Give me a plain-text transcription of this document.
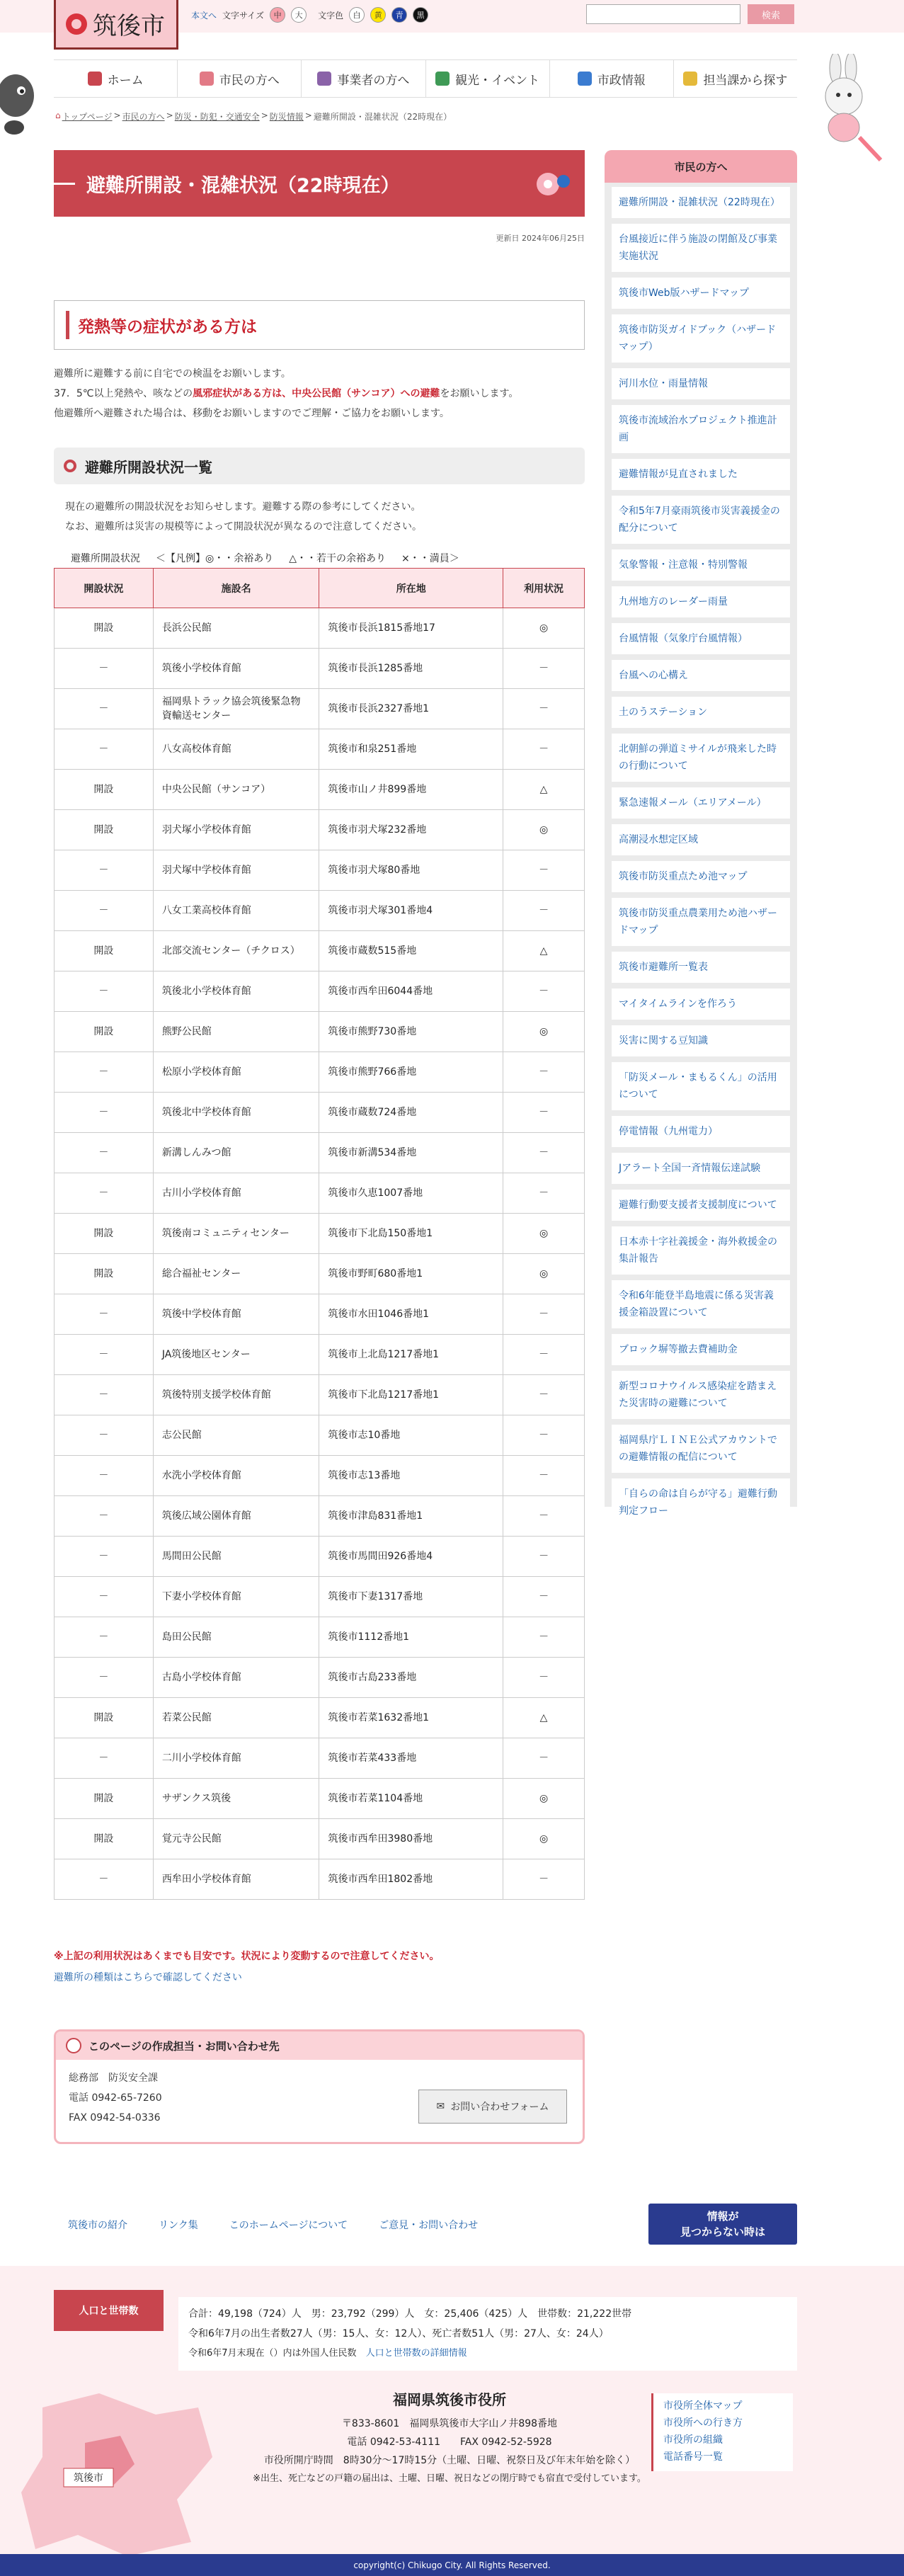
筑後市	本文へ 文字サイズ	中	大	文字色	白	黄	青	黒	検索
ホーム	市民の方へ	事業者の方へ	観光・イベント	市政情報	担当課から探す
⌂ トップページ > 市民の方へ > 防災・防犯・交通安全 > 防災情報 > 避難所開設・混雑状況（22時現在）
避難所開設・混雑状況（22時現在）
更新日 2024年06月25日
発熱等の症状がある方は
避難所に避難する前に自宅での検温をお願いします。
37．5℃以上発熱や、咳などの風邪症状がある方は、中央公民館（サンコア）への避難をお願いします。
他避難所へ避難された場合は、移動をお願いしますのでご理解・ご協力をお願いします。
避難所開設状況一覧
現在の避難所の開設状況をお知らせします。避難する際の参考にしてください。
なお、避難所は災害の規模等によって開設状況が異なるので注意してください。
避難所開設状況 ＜【凡例】◎・・余裕あり △・・若干の余裕あり ×・・満員＞
開設状況	施設名	所在地	利用状況
開設	長浜公民館	筑後市長浜1815番地17	◎
－	筑後小学校体育館	筑後市長浜1285番地	－
－	福岡県トラック協会筑後緊急物資輸送センター	筑後市長浜2327番地1	－
－	八女高校体育館	筑後市和泉251番地	－
開設	中央公民館（サンコア）	筑後市山ノ井899番地	△
開設	羽犬塚小学校体育館	筑後市羽犬塚232番地	◎
－	羽犬塚中学校体育館	筑後市羽犬塚80番地	－
－	八女工業高校体育館	筑後市羽犬塚301番地4	－
開設	北部交流センター（チクロス）	筑後市蔵数515番地	△
－	筑後北小学校体育館	筑後市西牟田6044番地	－
開設	熊野公民館	筑後市熊野730番地	◎
－	松原小学校体育館	筑後市熊野766番地	－
－	筑後北中学校体育館	筑後市蔵数724番地	－
－	新溝しんみつ館	筑後市新溝534番地	－
－	古川小学校体育館	筑後市久恵1007番地	－
開設	筑後南コミュニティセンター	筑後市下北島150番地1	◎
開設	総合福祉センター	筑後市野町680番地1	◎
－	筑後中学校体育館	筑後市水田1046番地1	－
－	JA筑後地区センター	筑後市上北島1217番地1	－
－	筑後特別支援学校体育館	筑後市下北島1217番地1	－
－	志公民館	筑後市志10番地	－
－	水洗小学校体育館	筑後市志13番地	－
－	筑後広域公園体育館	筑後市津島831番地1	－
－	馬間田公民館	筑後市馬間田926番地4	－
－	下妻小学校体育館	筑後市下妻1317番地	－
－	島田公民館	筑後市1112番地1	－
－	古島小学校体育館	筑後市古島233番地	－
開設	若菜公民館	筑後市若菜1632番地1	△
－	二川小学校体育館	筑後市若菜433番地	－
開設	サザンクス筑後	筑後市若菜1104番地	◎
開設	覚元寺公民館	筑後市西牟田3980番地	◎
－	西牟田小学校体育館	筑後市西牟田1802番地	－
※上記の利用状況はあくまでも目安です。状況により変動するので注意してください。
避難所の種類はこちらで確認してください
このページの作成担当・お問い合わせ先
総務部　防災安全課
電話 0942-65-7260
FAX 0942-54-0336
✉ お問い合わせフォーム
市民の方へ
避難所開設・混雑状況（22時現在）
台風接近に伴う施設の閉館及び事業実施状況
筑後市Web版ハザードマップ
筑後市防災ガイドブック（ハザードマップ）
河川水位・雨量情報
筑後市流域治水プロジェクト推進計画
避難情報が見直されました
令和5年7月豪雨筑後市災害義援金の配分について
気象警報・注意報・特別警報
九州地方のレーダー雨量
台風情報（気象庁台風情報）
台風への心構え
土のうステーション
北朝鮮の弾道ミサイルが飛来した時の行動について
緊急速報メール（エリアメール）
高潮浸水想定区域
筑後市防災重点ため池マップ
筑後市防災重点農業用ため池ハザードマップ
筑後市避難所一覧表
マイタイムラインを作ろう
災害に関する豆知識
「防災メール・まもるくん」の活用について
停電情報（九州電力）
Jアラート全国一斉情報伝達試験
避難行動要支援者支援制度について
日本赤十字社義援金・海外救援金の集計報告
令和6年能登半島地震に係る災害義援金箱設置について
ブロック塀等撤去費補助金
新型コロナウイルス感染症を踏まえた災害時の避難について
福岡県庁ＬＩＮＥ公式アカウントでの避難情報の配信について
「自らの命は自らが守る」避難行動判定フロー
筑後市の紹介	リンク集	このホームページについて	ご意見・お問い合わせ
情報が
見つからない時は
人口と世帯数	合計：49,198（724）人　男：23,792（299）人　女：25,406（425）人　世帯数：21,222世帯
令和6年7月の出生者数27人（男：15人、女：12人）、死亡者数51人（男：27人、女：24人）
令和6年7月末現在（）内は外国人住民数　 人口と世帯数の詳細情報
筑後市
福岡県筑後市役所
〒833-8601　福岡県筑後市大字山ノ井898番地
電話 0942-53-4111　　FAX 0942-52-5928
市役所開庁時間　8時30分～17時15分（土曜、日曜、祝祭日及び年末年始を除く）
※出生、死亡などの戸籍の届出は、土曜、日曜、祝日などの閉庁時でも宿直で受付しています。
市役所全体マップ
市役所への行き方
市役所の組織
電話番号一覧
copyright(c) Chikugo City. All Rights Reserved.
